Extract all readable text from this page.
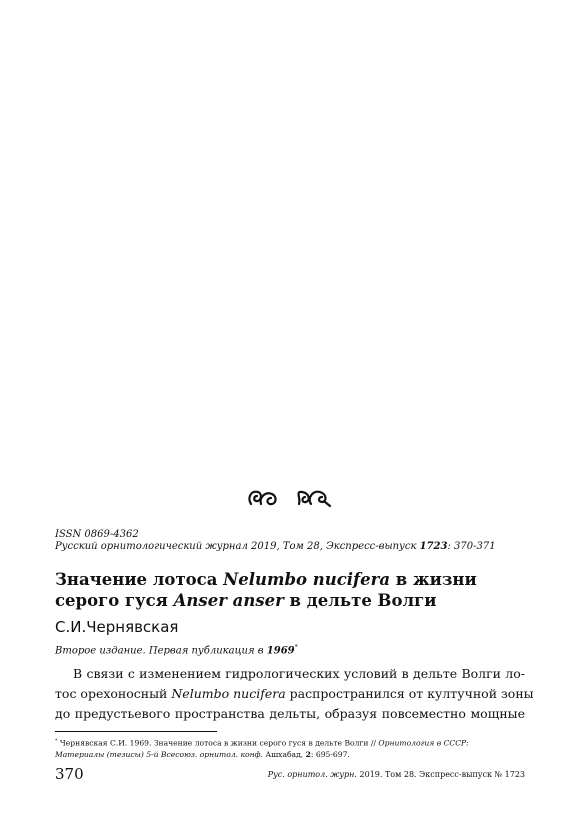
ISSN 0869-4362
Русский орнитологический журнал 2019, Том 28, Экспресс-выпуск 1723: 370-371
Значение лотоса Nelumbo nucifera в жизни
серого гуся Anser anser в дельте Волги
С.И.Чернявская
Второе издание. Первая публикация в 1969*
В связи с изменением гидрологических условий в дельте Волги ло-
тос орехоносный Nelumbo nucifera распространился от култучной зоны
до предустьевого пространства дельты, образуя повсеместно мощные
* Чернявская С.И. 1969. Значение лотоса в жизни серого гуся в дельте Волги // Орнитология в СССР:
Материалы (тезисы) 5-й Всесоюз. орнитол. конф. Ашхабад, 2: 695-697.
370	Рус. орнитол. журн. 2019. Том 28. Экспресс-выпуск № 1723
